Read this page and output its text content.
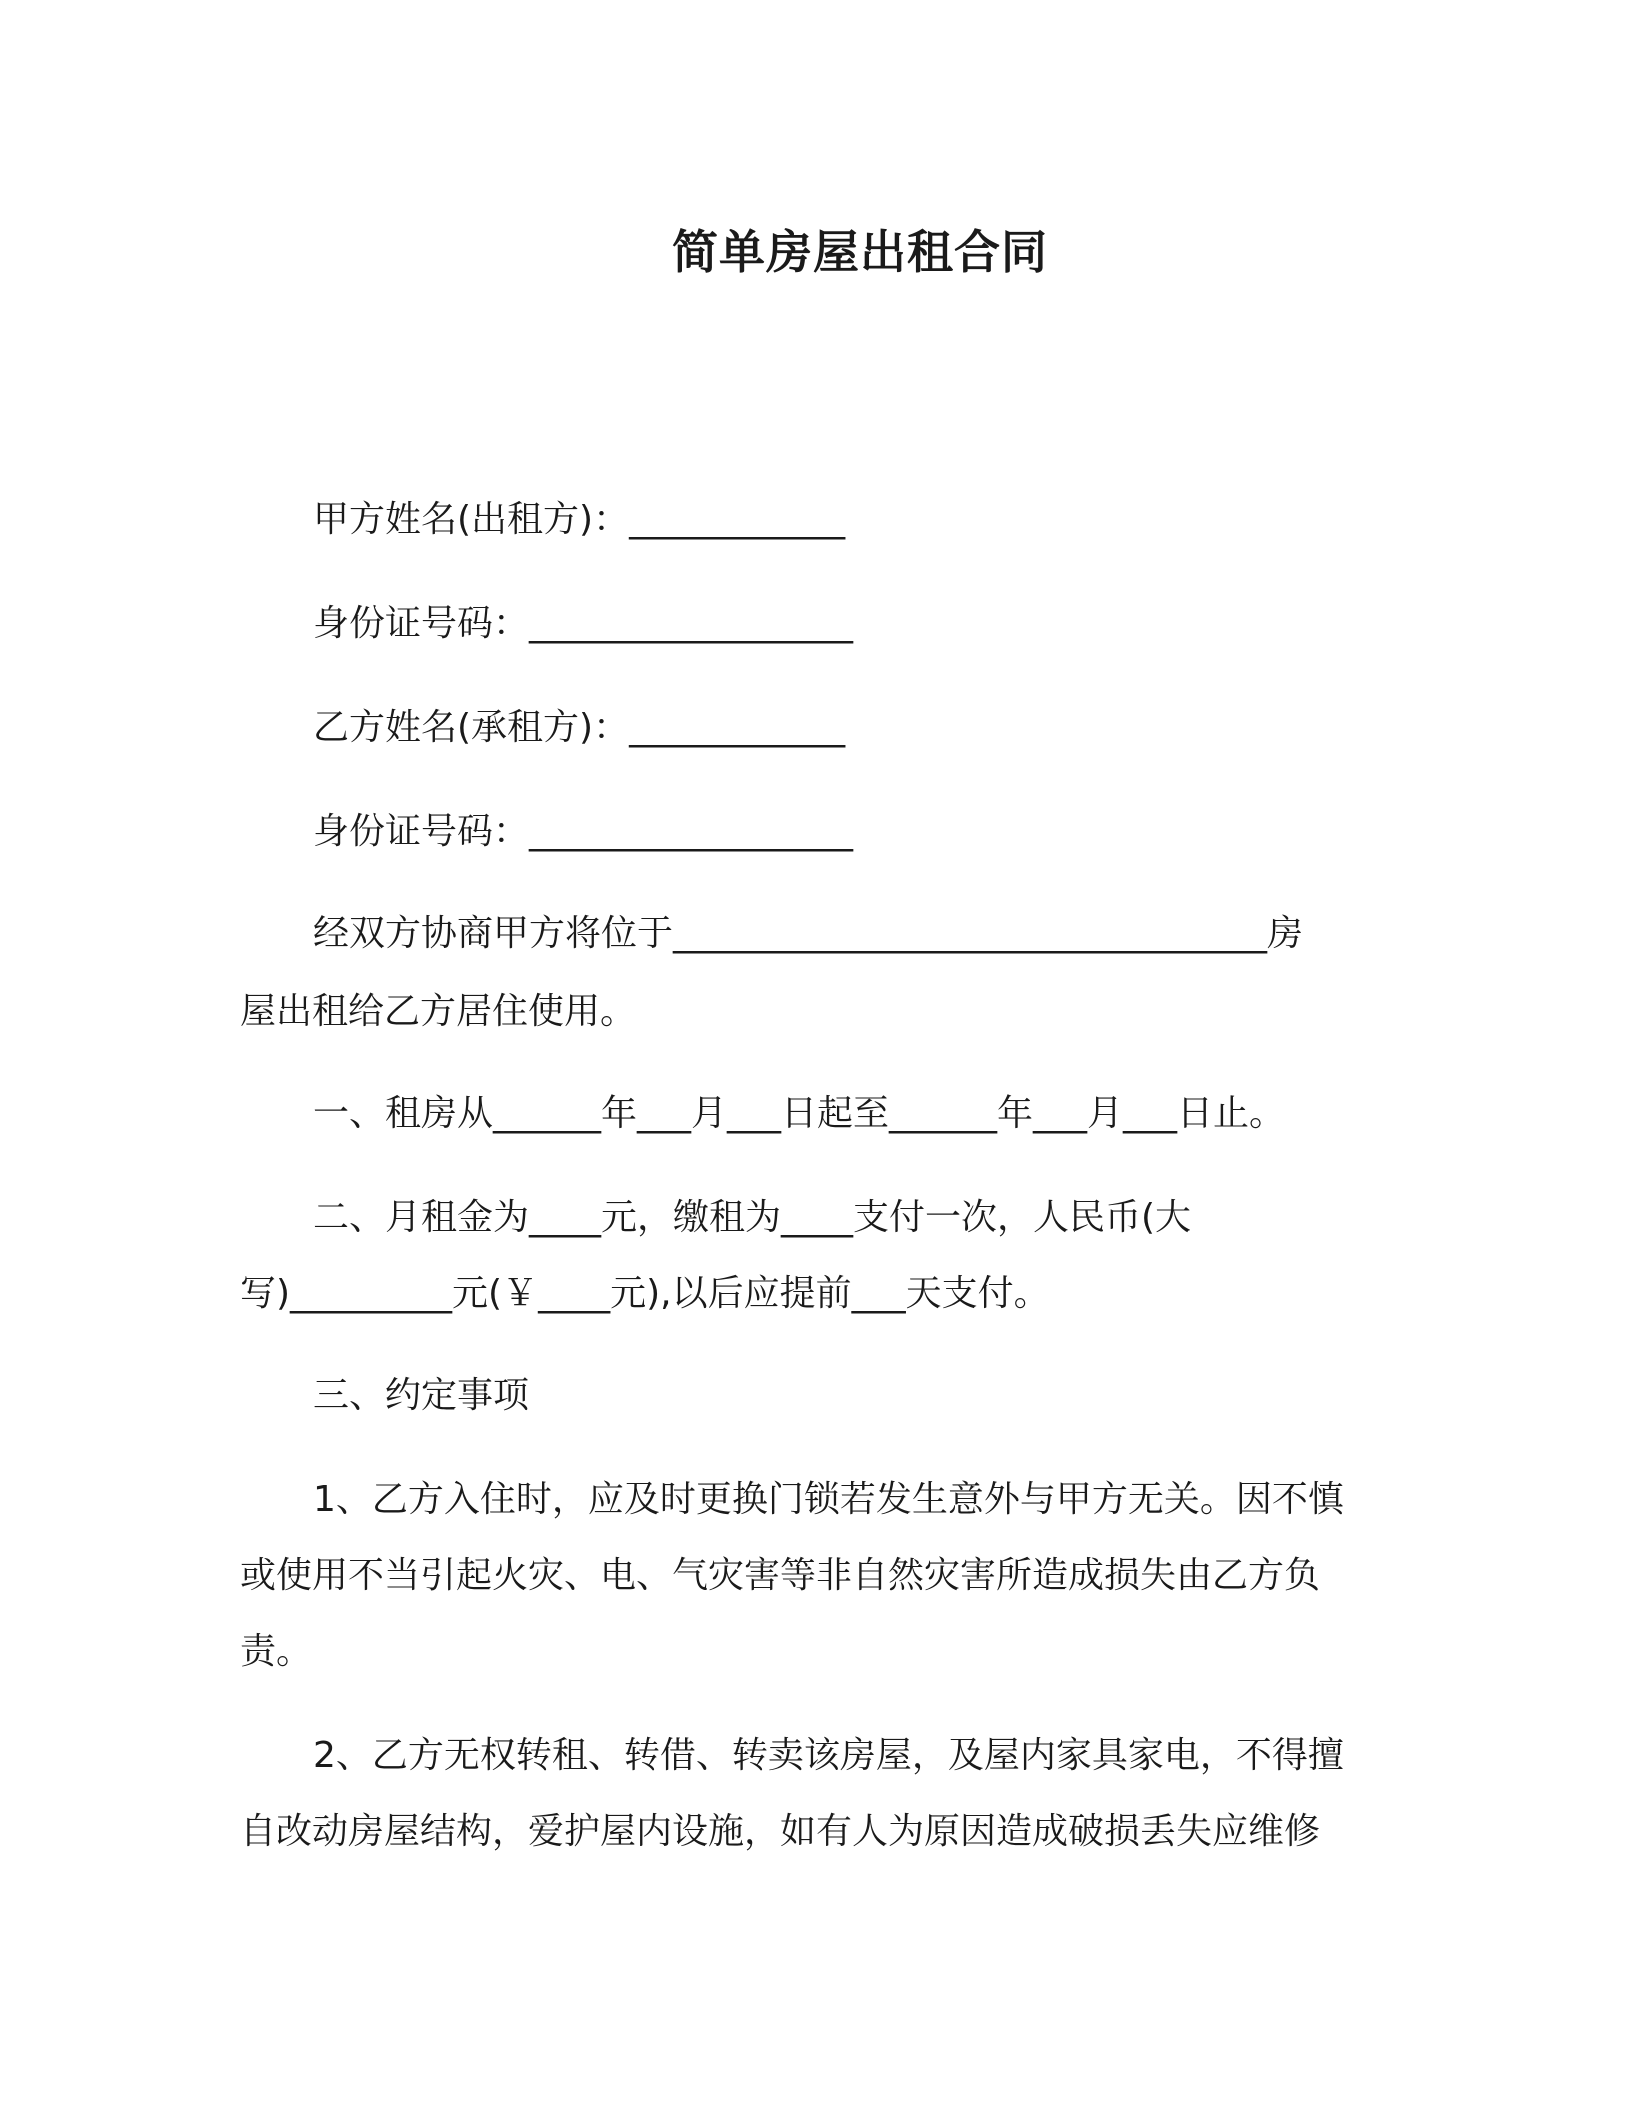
简单房屋出租合同
甲方姓名(出租方)：____________
身份证号码：__________________
乙方姓名(承租方)：____________
身份证号码：__________________
经双方协商甲方将位于_________________________________房
屋出租给乙方居住使用。
一、租房从______年___月___日起至______年___月___日止。
二、月租金为____元，缴租为____支付一次，人民币(大
写)_________元(￥____元),以后应提前___天支付。
三、约定事项
1、乙方入住时，应及时更换门锁若发生意外与甲方无关。因不慎
或使用不当引起火灾、电、气灾害等非自然灾害所造成损失由乙方负
责。
2、乙方无权转租、转借、转卖该房屋，及屋内家具家电，不得擅
自改动房屋结构，爱护屋内设施，如有人为原因造成破损丢失应维修
